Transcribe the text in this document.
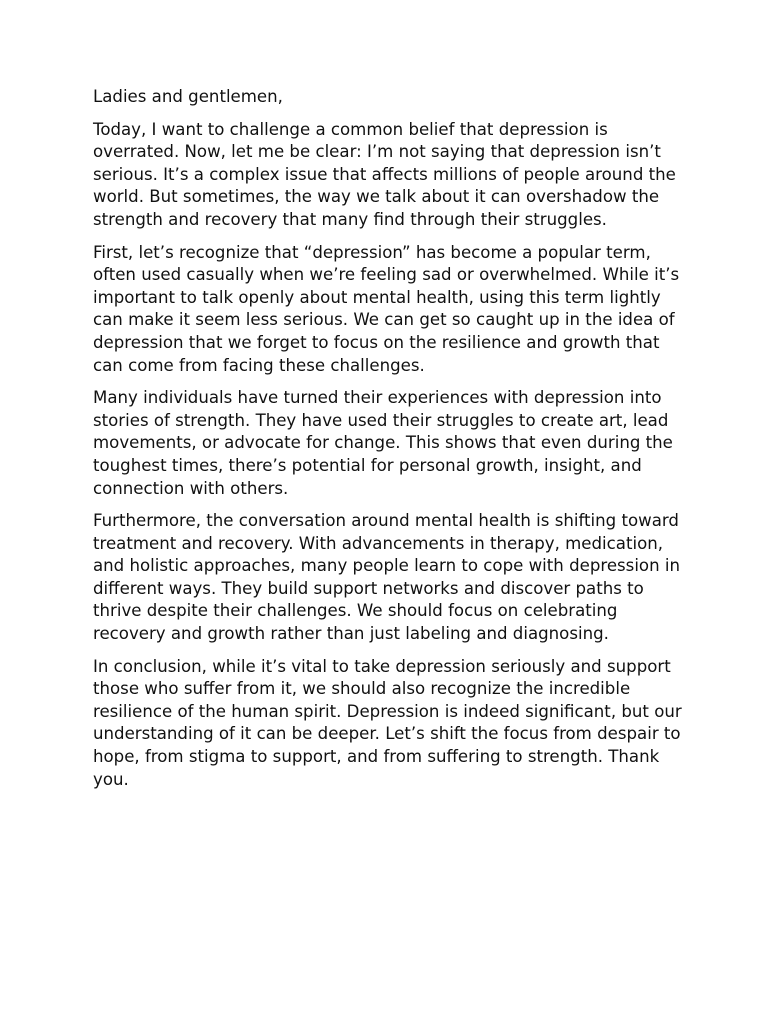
Ladies and gentlemen,

Today, I want to challenge a common belief that depression is overrated. Now, let me be clear: I’m not saying that depression isn’t serious. It’s a complex issue that affects millions of people around the world. But sometimes, the way we talk about it can overshadow the strength and recovery that many find through their struggles.

First, let’s recognize that “depression” has become a popular term, often used casually when we’re feeling sad or overwhelmed. While it’s important to talk openly about mental health, using this term lightly can make it seem less serious. We can get so caught up in the idea of depression that we forget to focus on the resilience and growth that can come from facing these challenges.

Many individuals have turned their experiences with depression into stories of strength. They have used their struggles to create art, lead movements, or advocate for change. This shows that even during the toughest times, there’s potential for personal growth, insight, and connection with others.

Furthermore, the conversation around mental health is shifting toward treatment and recovery. With advancements in therapy, medication, and holistic approaches, many people learn to cope with depression in different ways. They build support networks and discover paths to thrive despite their challenges. We should focus on celebrating recovery and growth rather than just labeling and diagnosing.

In conclusion, while it’s vital to take depression seriously and support those who suffer from it, we should also recognize the incredible resilience of the human spirit. Depression is indeed significant, but our understanding of it can be deeper. Let’s shift the focus from despair to hope, from stigma to support, and from suffering to strength. Thank you.
